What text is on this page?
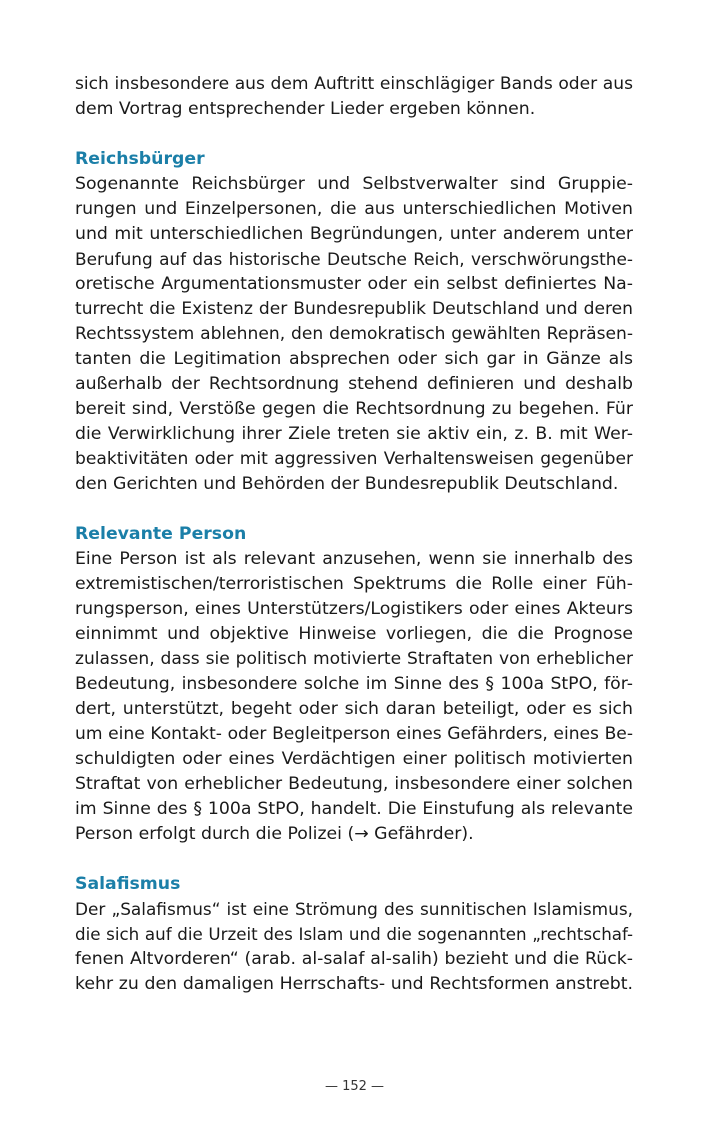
sich insbesondere aus dem Auftritt einschlägiger Bands oder aus
dem Vortrag entsprechender Lieder ergeben können.
Reichsbürger
Sogenannte Reichsbürger und Selbstverwalter sind Gruppie-
rungen und Einzelpersonen, die aus unterschiedlichen Motiven
und mit unterschiedlichen Begründungen, unter anderem unter
Berufung auf das historische Deutsche Reich, verschwörungsthe-
oretische Argumentationsmuster oder ein selbst definiertes Na-
turrecht die Existenz der Bundesrepublik Deutschland und deren
Rechtssystem ablehnen, den demokratisch gewählten Repräsen-
tanten die Legitimation absprechen oder sich gar in Gänze als
außerhalb der Rechtsordnung stehend definieren und deshalb
bereit sind, Verstöße gegen die Rechtsordnung zu begehen. Für
die Verwirklichung ihrer Ziele treten sie aktiv ein, z. B. mit Wer-
beaktivitäten oder mit aggressiven Verhaltensweisen gegenüber
den Gerichten und Behörden der Bundesrepublik Deutschland.
Relevante Person
Eine Person ist als relevant anzusehen, wenn sie innerhalb des
extremistischen/terroristischen Spektrums die Rolle einer Füh-
rungsperson, eines Unterstützers/Logistikers oder eines Akteurs
einnimmt und objektive Hinweise vorliegen, die die Prognose
zulassen, dass sie politisch motivierte Straftaten von erheblicher
Bedeutung, insbesondere solche im Sinne des § 100a StPO, för-
dert, unterstützt, begeht oder sich daran beteiligt, oder es sich
um eine Kontakt- oder Begleitperson eines Gefährders, eines Be-
schuldigten oder eines Verdächtigen einer politisch motivierten
Straftat von erheblicher Bedeutung, insbesondere einer solchen
im Sinne des § 100a StPO, handelt. Die Einstufung als relevante
Person erfolgt durch die Polizei (→ Gefährder).
Salafismus
Der „Salafismus“ ist eine Strömung des sunnitischen Islamismus,
die sich auf die Urzeit des Islam und die sogenannten „rechtschaf-
fenen Altvorderen“ (arab. al-salaf al-salih) bezieht und die Rück-
kehr zu den damaligen Herrschafts- und Rechtsformen anstrebt.
— 152 —
